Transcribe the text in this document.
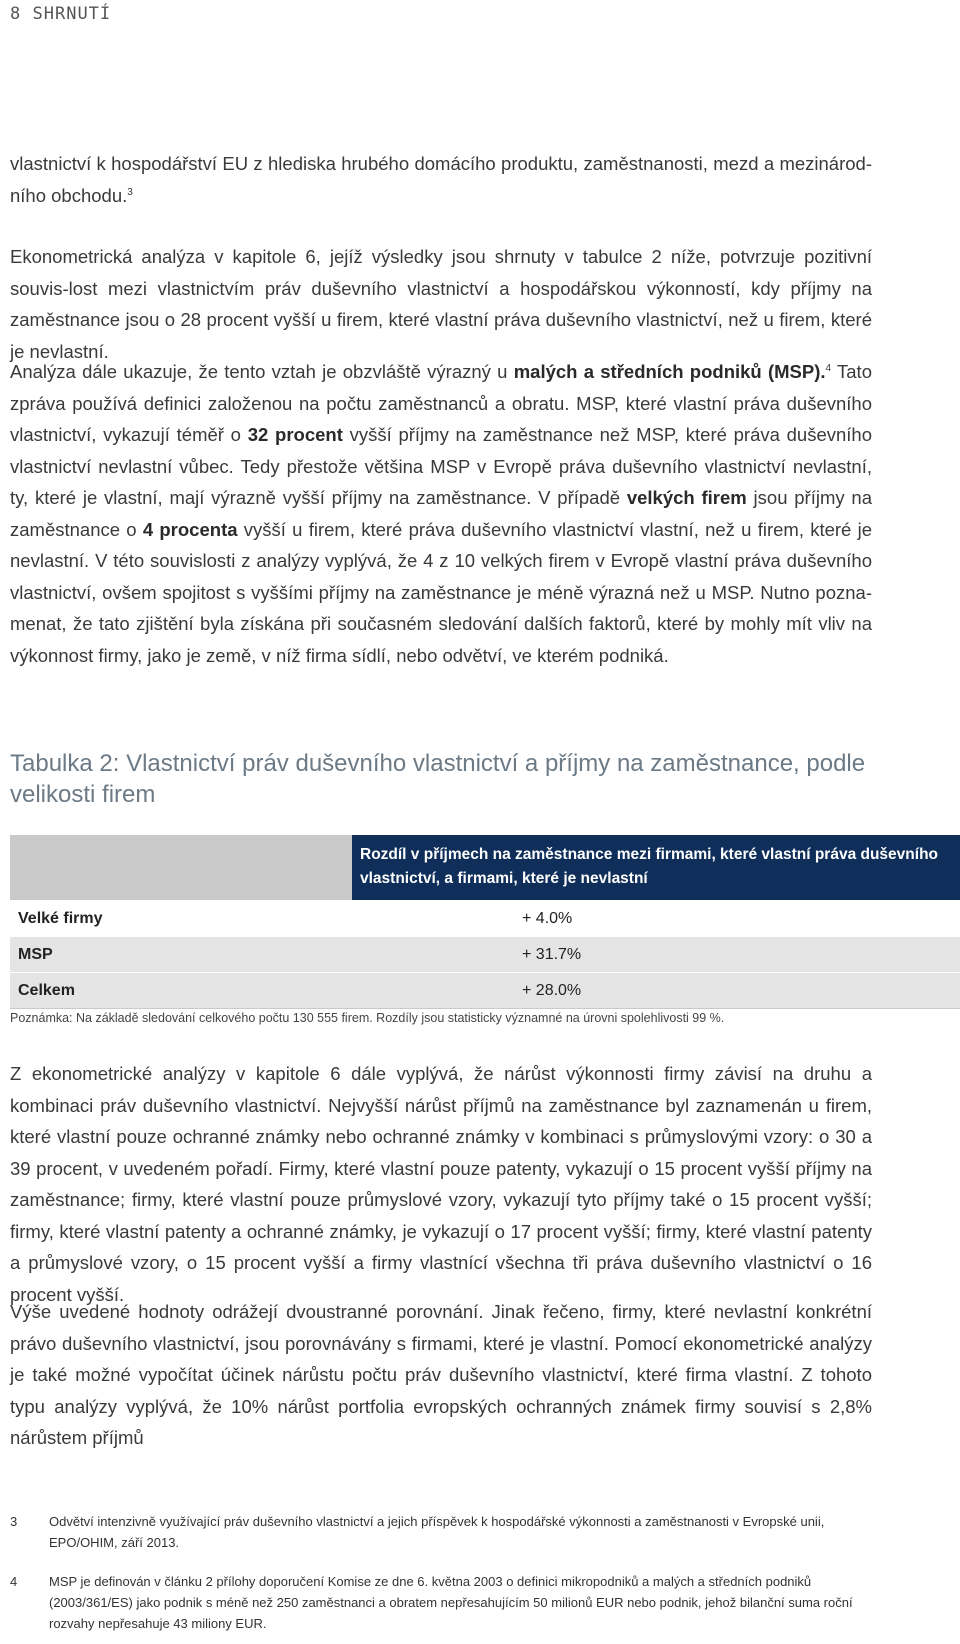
8 SHRNUTÍ

vlastnictví k hospodářství EU z hlediska hrubého domácího produktu, zaměstnanosti, mezd a mezinárod-ního obchodu.$^3$

Ekonometrická analýza v kapitole 6, jejíž výsledky jsou shrnuty v tabulce 2 níže, potvrzuje pozitivní souvis-lost mezi vlastnictvím práv duševního vlastnictví a hospodářskou výkonností, kdy příjmy na zaměstnance jsou o 28 procent vyšší u firem, které vlastní práva duševního vlastnictví, než u firem, které je nevlastní.

Analýza dále ukazuje, že tento vztah je obzvláště výrazný u malých a středních podniků (MSP).$^4$ Tato zpráva používá definici založenou na počtu zaměstnanců a obratu. MSP, které vlastní práva duševního vlastnictví, vykazují téměř o 32 procent vyšší příjmy na zaměstnance než MSP, které práva duševního vlastnictví nevlastní vůbec. Tedy přestože většina MSP v Evropě práva duševního vlastnictví nevlastní, ty, které je vlastní, mají výrazně vyšší příjmy na zaměstnance. V případě velkých firem jsou příjmy na zaměstnance o 4 procenta vyšší u firem, které práva duševního vlastnictví vlastní, než u firem, které je nevlastní. V této souvislosti z analýzy vyplývá, že 4 z 10 velkých firem v Evropě vlastní práva duševního vlastnictví, ovšem spojitost s vyššími příjmy na zaměstnance je méně výrazná než u MSP. Nutno pozna-menat, že tato zjištění byla získána při současném sledování dalších faktorů, které by mohly mít vliv na výkonnost firmy, jako je země, v níž firma sídlí, nebo odvětví, ve kterém podniká.

Tabulka 2: Vlastnictví práv duševního vlastnictví a příjmy na zaměstnance, podle velikosti firem
	Rozdíl v příjmech na zaměstnance mezi firmami, které vlastní práva duševního vlastnictví, a firmami, které je nevlastní
Velké firmy	+ 4.0%
MSP	+ 31.7%
Celkem	+ 28.0%

Poznámka: Na základě sledování celkového počtu 130 555 firem. Rozdíly jsou statisticky významné na úrovni spolehlivosti 99 %.

Z ekonometrické analýzy v kapitole 6 dále vyplývá, že nárůst výkonnosti firmy závisí na druhu a kombinaci práv duševního vlastnictví. Nejvyšší nárůst příjmů na zaměstnance byl zaznamenán u firem, které vlastní pouze ochranné známky nebo ochranné známky v kombinaci s průmyslovými vzory: o 30 a 39 procent, v uvedeném pořadí. Firmy, které vlastní pouze patenty, vykazují o 15 procent vyšší příjmy na zaměstnance; firmy, které vlastní pouze průmyslové vzory, vykazují tyto příjmy také o 15 procent vyšší; firmy, které vlastní patenty a ochranné známky, je vykazují o 17 procent vyšší; firmy, které vlastní patenty a průmyslové vzory, o 15 procent vyšší a firmy vlastnící všechna tři práva duševního vlastnictví o 16 procent vyšší.

Výše uvedené hodnoty odrážejí dvoustranné porovnání. Jinak řečeno, firmy, které nevlastní konkrétní právo duševního vlastnictví, jsou porovnávány s firmami, které je vlastní. Pomocí ekonometrické analýzy je také možné vypočítat účinek nárůstu počtu práv duševního vlastnictví, které firma vlastní. Z tohoto typu analýzy vyplývá, že 10% nárůst portfolia evropských ochranných známek firmy souvisí s 2,8% nárůstem příjmů

3	Odvětví intenzivně využívající práv duševního vlastnictví a jejich příspěvek k hospodářské výkonnosti a zaměstnanosti v Evropské unii, EPO/OHIM, září 2013.
4	MSP je definován v článku 2 přílohy doporučení Komise ze dne 6. května 2003 o definici mikropodniků a malých a středních podniků (2003/361/ES) jako podnik s méně než 250 zaměstnanci a obratem nepřesahujícím 50 milionů EUR nebo podnik, jehož bilanční suma roční rozvahy nepřesahuje 43 miliony EUR.
